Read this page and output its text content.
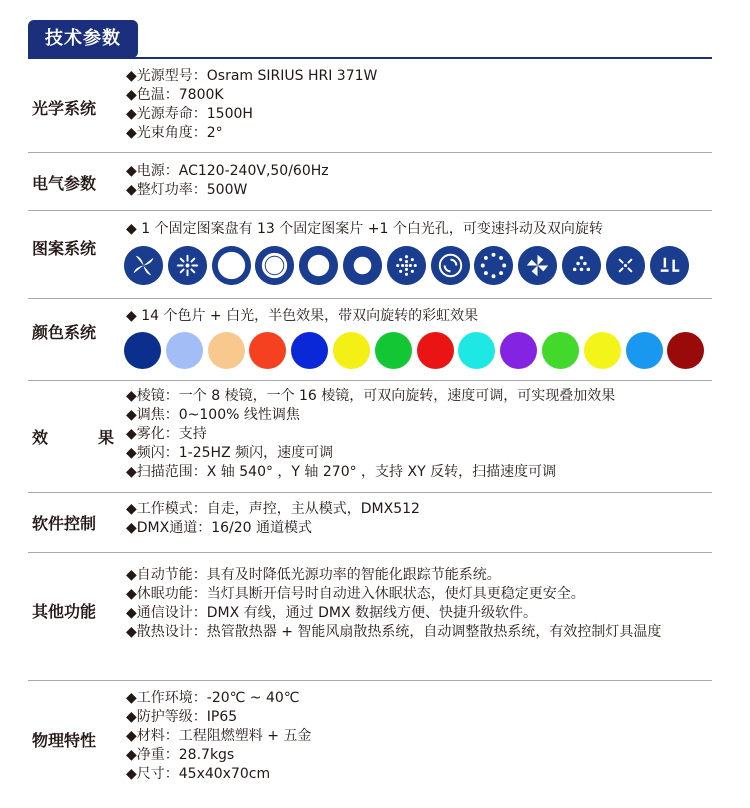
技术参数
光学系统
◆光源型号：Osram SIRIUS HRI 371W
◆色温：7800K
◆光源寿命：1500H
◆光束角度：2°
电气参数
◆电源：AC120-240V,50/60Hz
◆整灯功率：500W
图案系统
◆ 1 个固定图案盘有 13 个固定图案片 +1 个白光孔，可变速抖动及双向旋转
颜色系统
◆ 14 个色片 + 白光，半色效果，带双向旋转的彩虹效果
效	果
◆棱镜：一个 8 棱镜，一个 16 棱镜，可双向旋转，速度可调，可实现叠加效果
◆调焦：0~100% 线性调焦
◆雾化：支持
◆频闪：1-25HZ 频闪，速度可调
◆扫描范围：X 轴 540° ，Y 轴 270° ，支持 XY 反转，扫描速度可调
软件控制
◆工作模式：自走，声控，主从模式，DMX512
◆DMX通道：16/20 通道模式
其他功能
◆自动节能：具有及时降低光源功率的智能化跟踪节能系统。
◆休眠功能：当灯具断开信号时自动进入休眠状态，使灯具更稳定更安全。
◆通信设计：DMX 有线，通过 DMX 数据线方便、快捷升级软件。
◆散热设计：热管散热器 + 智能风扇散热系统，自动调整散热系统，有效控制灯具温度
物理特性
◆工作环境：-20℃ ~ 40℃
◆防护等级：IP65
◆材料：工程阻燃塑料 + 五金
◆净重：28.7kgs
◆尺寸：45x40x70cm
